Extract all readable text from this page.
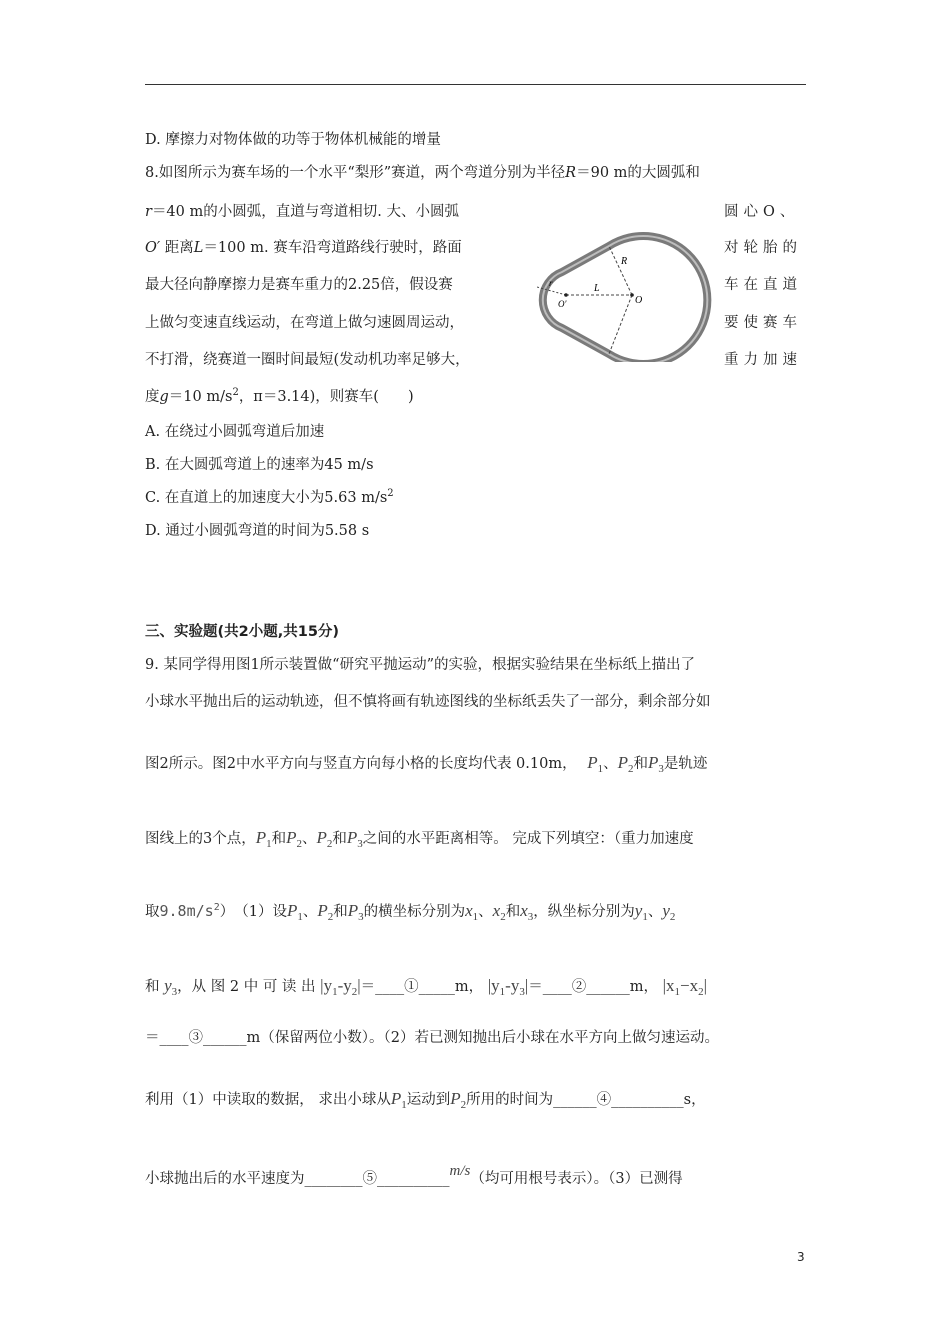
D. 摩擦力对物体做的功等于物体机械能的增量
8.如图所示为赛车场的一个水平“梨形”赛道，两个弯道分别为半径R＝90 m的大圆弧和
r＝40 m的小圆弧，直道与弯道相切. 大、小圆弧	圆心O、
O′ 距离L＝100 m. 赛车沿弯道路线行驶时，路面	对轮胎的
最大径向静摩擦力是赛车重力的2.25倍，假设赛	车在直道
上做匀变速直线运动，在弯道上做匀速圆周运动，	要使赛车
不打滑，绕赛道一圈时间最短(发动机功率足够大，	重力加速
度g＝10 $m/s^2$，π＝3.14)，则赛车(　　)
A. 在绕过小圆弧弯道后加速
B. 在大圆弧弯道上的速率为45 m/s
C. 在直道上的加速度大小为5.63 $m/s^2$
D. 通过小圆弧弯道的时间为5.58 s
R
r	L
O
O′
三、实验题(共2小题,共15分)
9. 某同学得用图1所示装置做“研究平抛运动”的实验，根据实验结果在坐标纸上描出了
小球水平抛出后的运动轨迹，但不慎将画有轨迹图线的坐标纸丢失了一部分，剩余部分如
图2所示。图2中水平方向与竖直方向每小格的长度均代表 0.10m， $P_1$、$P_2$和$P_3$是轨迹
图线上的3个点，$P_1$和$P_2$、$P_2$和$P_3$之间的水平距离相等。 完成下列填空：（重力加速度
取$9.8m/s^2$）　（1）设$P_1$、$P_2$和$P_3$的横坐标分别为$x_1$、$x_2$和$x_3$，纵坐标分别为$y_1$、$y_2$
和 $y_3$，从 图 2 中 可 读 出 $|y_1-y_2|=\_\_\_\_①\_\_\_\_\_m$， $|y_1-y_3|=\_\_\_\_②\_\_\_\_\_\_m$， $|x_1-x_2|$
＝____③______m（保留两位小数）。（2）若已测知抛出后小球在水平方向上做匀速运动。
利用（1）中读取的数据， 求出小球从$P_1$运动到$P_2$所用的时间为______④__________s，
小球抛出后的水平速度为________⑤__________m/s（均可用根号表示）。（3）已测得
3
